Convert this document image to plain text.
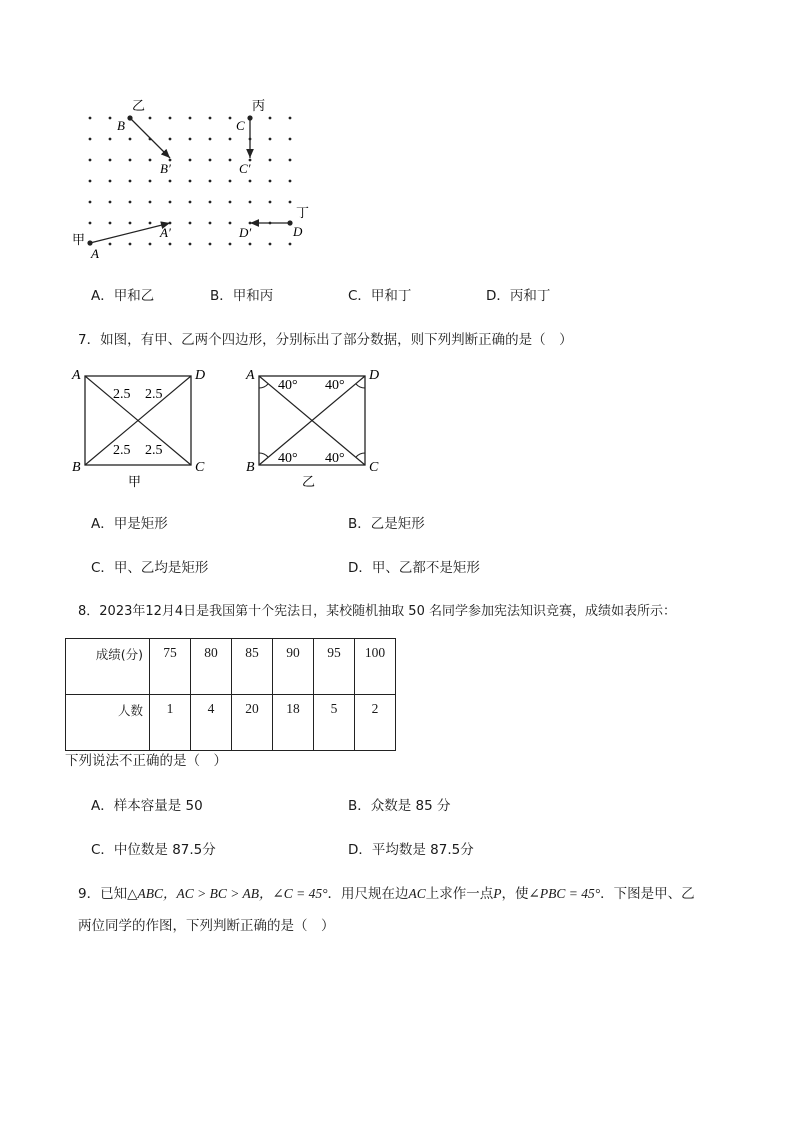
乙
B
B′
丙
C
C′
丁
D
D′
甲
A
A′
A．甲和乙	B．甲和丙	C．甲和丁	D．丙和丁
7．如图，有甲、乙两个四边形，分别标出了部分数据，则下列判断正确的是（　）
A	D
B	C
2.5 2.5
2.5 2.5
甲
A	D
B	C
40° 40°
40° 40°
乙
A．甲是矩形	B．乙是矩形
C．甲、乙均是矩形	D．甲、乙都不是矩形
8．2023年12月4日是我国第十个宪法日，某校随机抽取 50 名同学参加宪法知识竞赛，成绩如表所示：
成绩(分)	75	80	85	90	95	100
人数	1	4	20	18	5	2
下列说法不正确的是（　）
A．样本容量是 50	B．众数是 85 分
C．中位数是 87.5分	D．平均数是 87.5分
9．已知△ABC，AC > BC > AB，∠C = 45°．用尺规在边AC上求作一点P，使∠PBC = 45°．下图是甲、乙
两位同学的作图，下列判断正确的是（　）
